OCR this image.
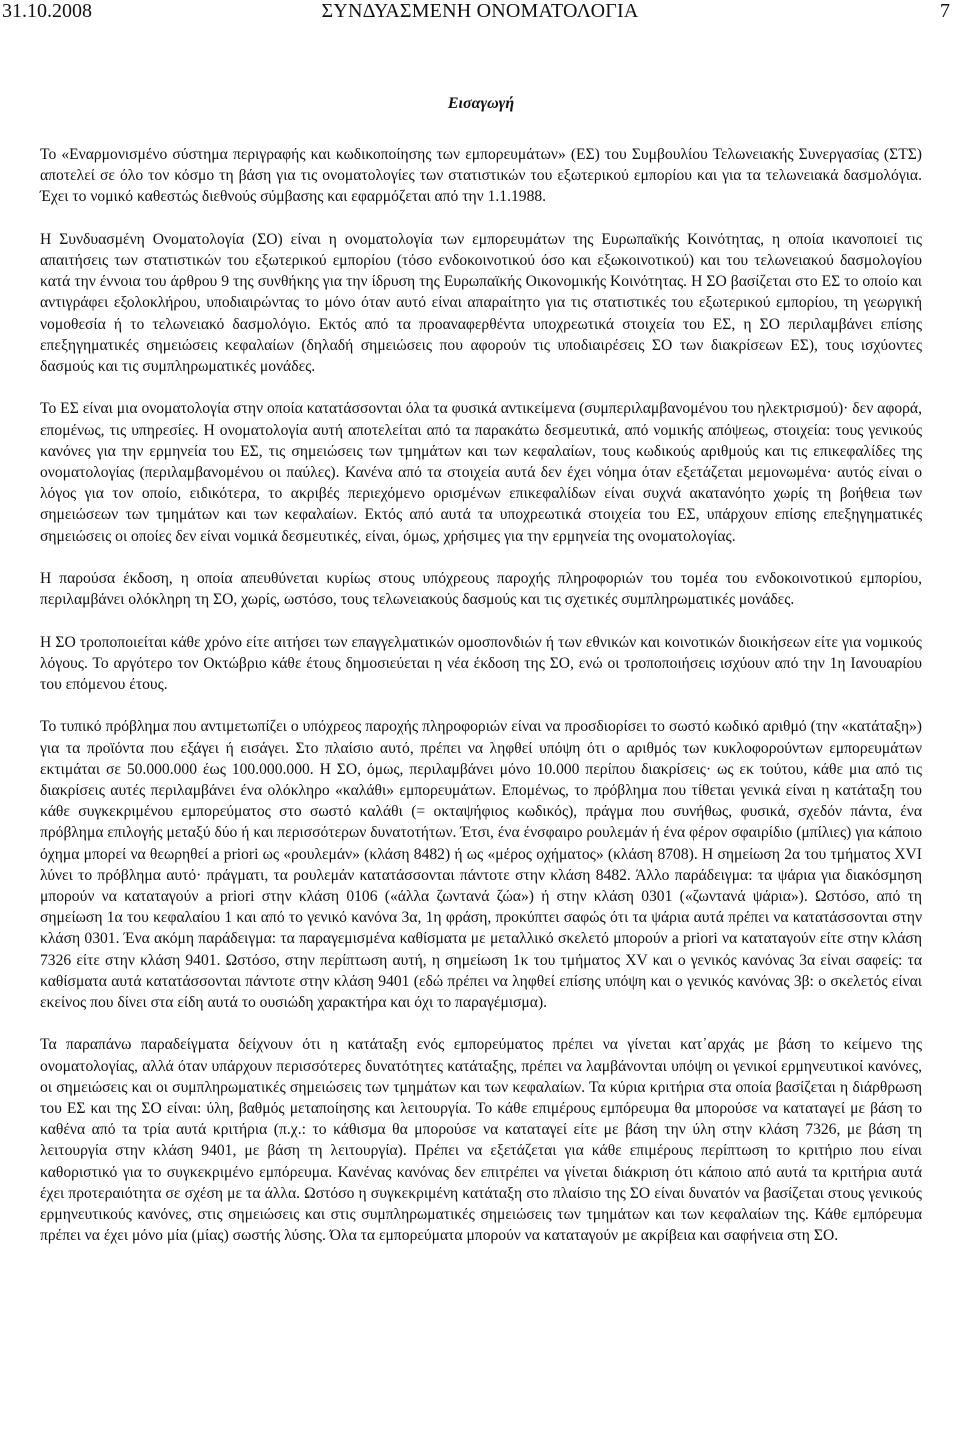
31.10.2008	ΣΥΝΔΥΑΣΜΕΝΗ ΟΝΟΜΑΤΟΛΟΓΙΑ	7
Εισαγωγή

Το «Εναρμονισμένο σύστημα περιγραφής και κωδικοποίησης των εμπορευμάτων» (ΕΣ) του Συμβουλίου Τελωνειακής Συνεργασίας (ΣΤΣ) αποτελεί σε όλο τον κόσμο τη βάση για τις ονοματολογίες των στατιστικών του εξωτερικού εμπορίου και για τα τελωνειακά δασμολόγια. Έχει το νομικό καθεστώς διεθνούς σύμβασης και εφαρμόζεται από την 1.1.1988.

Η Συνδυασμένη Ονοματολογία (ΣΟ) είναι η ονοματολογία των εμπορευμάτων της Ευρωπαϊκής Κοινότητας, η οποία ικανοποιεί τις απαιτήσεις των στατιστικών του εξωτερικού εμπορίου (τόσο ενδοκοινοτικού όσο και εξωκοινοτικού) και του τελωνειακού δασμολογίου κατά την έννοια του άρθρου 9 της συνθήκης για την ίδρυση της Ευρωπαϊκής Οικονομικής Κοινότητας. Η ΣΟ βασίζεται στο ΕΣ το οποίο και αντιγράφει εξολοκλήρου, υποδιαιρώντας το μόνο όταν αυτό είναι απαραίτητο για τις στατιστικές του εξωτερικού εμπορίου, τη γεωργική νομοθεσία ή το τελωνειακό δασμολόγιο. Εκτός από τα προαναφερθέντα υποχρεωτικά στοιχεία του ΕΣ, η ΣΟ περιλαμβάνει επίσης επεξηγηματικές σημειώσεις κεφαλαίων (δηλαδή σημειώσεις που αφορούν τις υποδιαιρέσεις ΣΟ των διακρίσεων ΕΣ), τους ισχύοντες δασμούς και τις συμπληρωματικές μονάδες.

Το ΕΣ είναι μια ονοματολογία στην οποία κατατάσσονται όλα τα φυσικά αντικείμενα (συμπεριλαμβανομένου του ηλεκτρισμού)· δεν αφορά, επομένως, τις υπηρεσίες. Η ονοματολογία αυτή αποτελείται από τα παρακάτω δεσμευτικά, από νομικής απόψεως, στοιχεία: τους γενικούς κανόνες για την ερμηνεία του ΕΣ, τις σημειώσεις των τμημάτων και των κεφαλαίων, τους κωδικούς αριθμούς και τις επικεφαλίδες της ονοματολογίας (περιλαμβανομένου οι παύλες). Κανένα από τα στοιχεία αυτά δεν έχει νόημα όταν εξετάζεται μεμονωμένα· αυτός είναι ο λόγος για τον οποίο, ειδικότερα, το ακριβές περιεχόμενο ορισμένων επικεφαλίδων είναι συχνά ακατανόητο χωρίς τη βοήθεια των σημειώσεων των τμημάτων και των κεφαλαίων. Εκτός από αυτά τα υποχρεωτικά στοιχεία του ΕΣ, υπάρχουν επίσης επεξηγηματικές σημειώσεις οι οποίες δεν είναι νομικά δεσμευτικές, είναι, όμως, χρήσιμες για την ερμηνεία της ονοματολογίας.

Η παρούσα έκδοση, η οποία απευθύνεται κυρίως στους υπόχρεους παροχής πληροφοριών του τομέα του ενδοκοινοτικού εμπορίου, περιλαμβάνει ολόκληρη τη ΣΟ, χωρίς, ωστόσο, τους τελωνειακούς δασμούς και τις σχετικές συμπληρωματικές μονάδες.

Η ΣΟ τροποποιείται κάθε χρόνο είτε αιτήσει των επαγγελματικών ομοσπονδιών ή των εθνικών και κοινοτικών διοικήσεων είτε για νομικούς λόγους. Το αργότερο τον Οκτώβριο κάθε έτους δημοσιεύεται η νέα έκδοση της ΣΟ, ενώ οι τροποποιήσεις ισχύουν από την 1η Ιανουαρίου του επόμενου έτους.

Το τυπικό πρόβλημα που αντιμετωπίζει ο υπόχρεος παροχής πληροφοριών είναι να προσδιορίσει το σωστό κωδικό αριθμό (την «κατάταξη») για τα προϊόντα που εξάγει ή εισάγει. Στο πλαίσιο αυτό, πρέπει να ληφθεί υπόψη ότι ο αριθμός των κυκλοφορούντων εμπορευμάτων εκτιμάται σε 50.000.000 έως 100.000.000. Η ΣΟ, όμως, περιλαμβάνει μόνο 10.000 περίπου διακρίσεις· ως εκ τούτου, κάθε μια από τις διακρίσεις αυτές περιλαμβάνει ένα ολόκληρο «καλάθι» εμπορευμάτων. Επομένως, το πρόβλημα που τίθεται γενικά είναι η κατάταξη του κάθε συγκεκριμένου εμπορεύματος στο σωστό καλάθι (= οκταψήφιος κωδικός), πράγμα που συνήθως, φυσικά, σχεδόν πάντα, ένα πρόβλημα επιλογής μεταξύ δύο ή και περισσότερων δυνατοτήτων. Έτσι, ένα ένσφαιρο ρουλεμάν ή ένα φέρον σφαιρίδιο (μπίλιες) για κάποιο όχημα μπορεί να θεωρηθεί a priori ως «ρουλεμάν» (κλάση 8482) ή ως «μέρος οχήματος» (κλάση 8708). Η σημείωση 2α του τμήματος XVI λύνει το πρόβλημα αυτό· πράγματι, τα ρουλεμάν κατατάσσονται πάντοτε στην κλάση 8482. Άλλο παράδειγμα: τα ψάρια για διακόσμηση μπορούν να καταταγούν a priori στην κλάση 0106 («άλλα ζωντανά ζώα») ή στην κλάση 0301 («ζωντανά ψάρια»). Ωστόσο, από τη σημείωση 1α του κεφαλαίου 1 και από το γενικό κανόνα 3α, 1η φράση, προκύπτει σαφώς ότι τα ψάρια αυτά πρέπει να κατατάσσονται στην κλάση 0301. Ένα ακόμη παράδειγμα: τα παραγεμισμένα καθίσματα με μεταλλικό σκελετό μπορούν a priori να καταταγούν είτε στην κλάση 7326 είτε στην κλάση 9401. Ωστόσο, στην περίπτωση αυτή, η σημείωση 1κ του τμήματος XV και ο γενικός κανόνας 3α είναι σαφείς: τα καθίσματα αυτά κατατάσσονται πάντοτε στην κλάση 9401 (εδώ πρέπει να ληφθεί επίσης υπόψη και ο γενικός κανόνας 3β: ο σκελετός είναι εκείνος που δίνει στα είδη αυτά το ουσιώδη χαρακτήρα και όχι το παραγέμισμα).

Τα παραπάνω παραδείγματα δείχνουν ότι η κατάταξη ενός εμπορεύματος πρέπει να γίνεται κατ᾽αρχάς με βάση το κείμενο της ονοματολογίας, αλλά όταν υπάρχουν περισσότερες δυνατότητες κατάταξης, πρέπει να λαμβάνονται υπόψη οι γενικοί ερμηνευτικοί κανόνες, οι σημειώσεις και οι συμπληρωματικές σημειώσεις των τμημάτων και των κεφαλαίων. Τα κύρια κριτήρια στα οποία βασίζεται η διάρθρωση του ΕΣ και της ΣΟ είναι: ύλη, βαθμός μεταποίησης και λειτουργία. Το κάθε επιμέρους εμπόρευμα θα μπορούσε να καταταγεί με βάση το καθένα από τα τρία αυτά κριτήρια (π.χ.: το κάθισμα θα μπορούσε να καταταγεί είτε με βάση την ύλη στην κλάση 7326, με βάση τη λειτουργία στην κλάση 9401, με βάση τη λειτουργία). Πρέπει να εξετάζεται για κάθε επιμέρους περίπτωση το κριτήριο που είναι καθοριστικό για το συγκεκριμένο εμπόρευμα. Κανένας κανόνας δεν επιτρέπει να γίνεται διάκριση ότι κάποιο από αυτά τα κριτήρια αυτά έχει προτεραιότητα σε σχέση με τα άλλα. Ωστόσο η συγκεκριμένη κατάταξη στο πλαίσιο της ΣΟ είναι δυνατόν να βασίζεται στους γενικούς ερμηνευτικούς κανόνες, στις σημειώσεις και στις συμπληρωματικές σημειώσεις των τμημάτων και των κεφαλαίων της. Κάθε εμπόρευμα πρέπει να έχει μόνο μία (μίας) σωστής λύσης. Όλα τα εμπορεύματα μπορούν να καταταγούν με ακρίβεια και σαφήνεια στη ΣΟ.
